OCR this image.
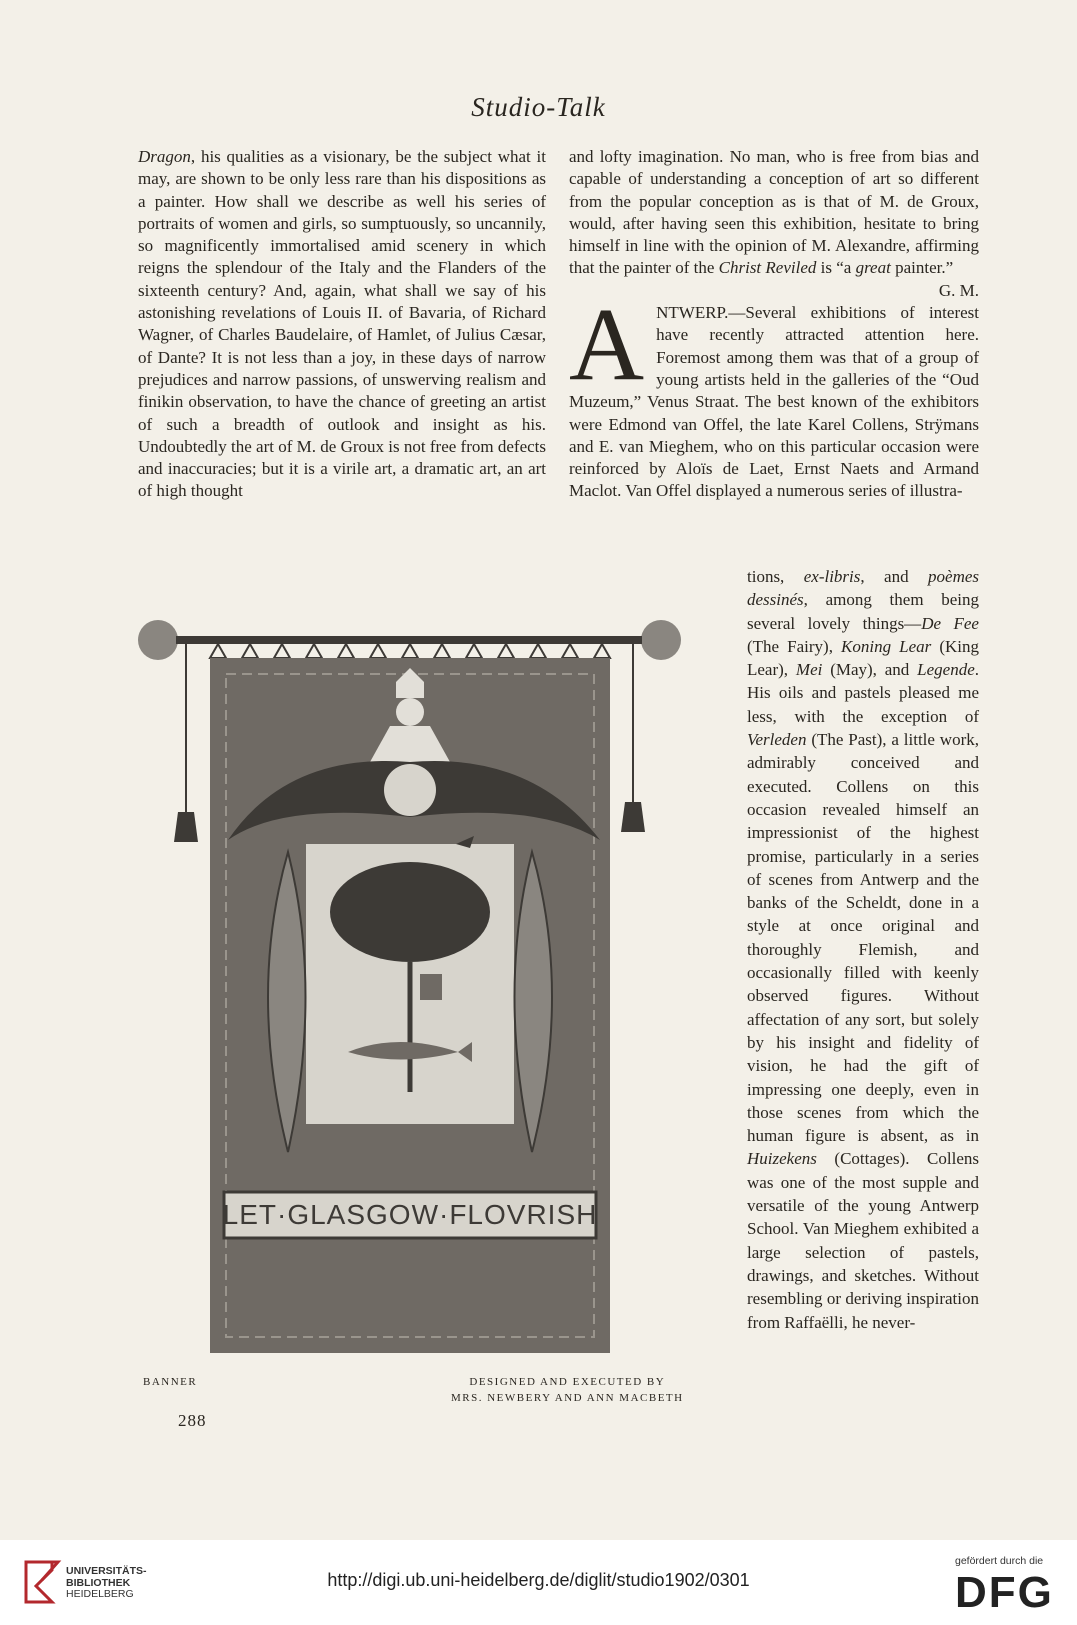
Studio-Talk

Dragon, his qualities as a visionary, be the subject what it may, are shown to be only less rare than his dispositions as a painter. How shall we describe as well his series of portraits of women and girls, so sumptuously, so uncannily, so magnificently immortalised amid scenery in which reigns the splendour of the Italy and the Flanders of the sixteenth century? And, again, what shall we say of his astonishing revelations of Louis II. of Bavaria, of Richard Wagner, of Charles Baudelaire, of Hamlet, of Julius Cæsar, of Dante? It is not less than a joy, in these days of narrow prejudices and narrow passions, of unswerving realism and finikin observation, to have the chance of greeting an artist of such a breadth of outlook and insight as his. Undoubtedly the art of M. de Groux is not free from defects and inaccuracies; but it is a virile art, a dramatic art, an art of high thought

and lofty imagination. No man, who is free from bias and capable of understanding a conception of art so different from the popular conception as is that of M. de Groux, would, after having seen this exhibition, hesitate to bring himself in line with the opinion of M. Alexandre, affirming that the painter of the Christ Reviled is “a great painter.”

G. M.

ANTWERP.—Several exhibitions of interest have recently attracted attention here. Foremost among them was that of a group of young artists held in the galleries of the “Oud Muzeum,” Venus Straat. The best known of the exhibitors were Edmond van Offel, the late Karel Collens, Strÿmans and E. van Mieghem, who on this particular occasion were reinforced by Aloïs de Laet, Ernst Naets and Armand Maclot. Van Offel displayed a numerous series of illustra-

tions, ex-libris, and poèmes dessinés, among them being several lovely things—De Fee (The Fairy), Koning Lear (King Lear), Mei (May), and Legende. His oils and pastels pleased me less, with the exception of Verleden (The Past), a little work, admirably conceived and executed. Collens on this occasion revealed himself an impressionist of the highest promise, particularly in a series of scenes from Antwerp and the banks of the Scheldt, done in a style at once original and thoroughly Flemish, and occasionally filled with keenly observed figures. Without affectation of any sort, but solely by his insight and fidelity of vision, he had the gift of impressing one deeply, even in those scenes from which the human figure is absent, as in Huizekens (Cottages). Collens was one of the most supple and versatile of the young Antwerp School. Van Mieghem exhibited a large selection of pastels, drawings, and sketches. Without resembling or deriving inspiration from Raffaëlli, he never-

LET·GLASGOW·FLOVRISH
BANNER	DESIGNED AND EXECUTED BY
MRS. NEWBERY AND ANN MACBETH
288
UNIVERSITÄTS-
BIBLIOTHEK
HEIDELBERG
http://digi.ub.uni-heidelberg.de/diglit/studio1902/0301
gefördert durch die
DFG
